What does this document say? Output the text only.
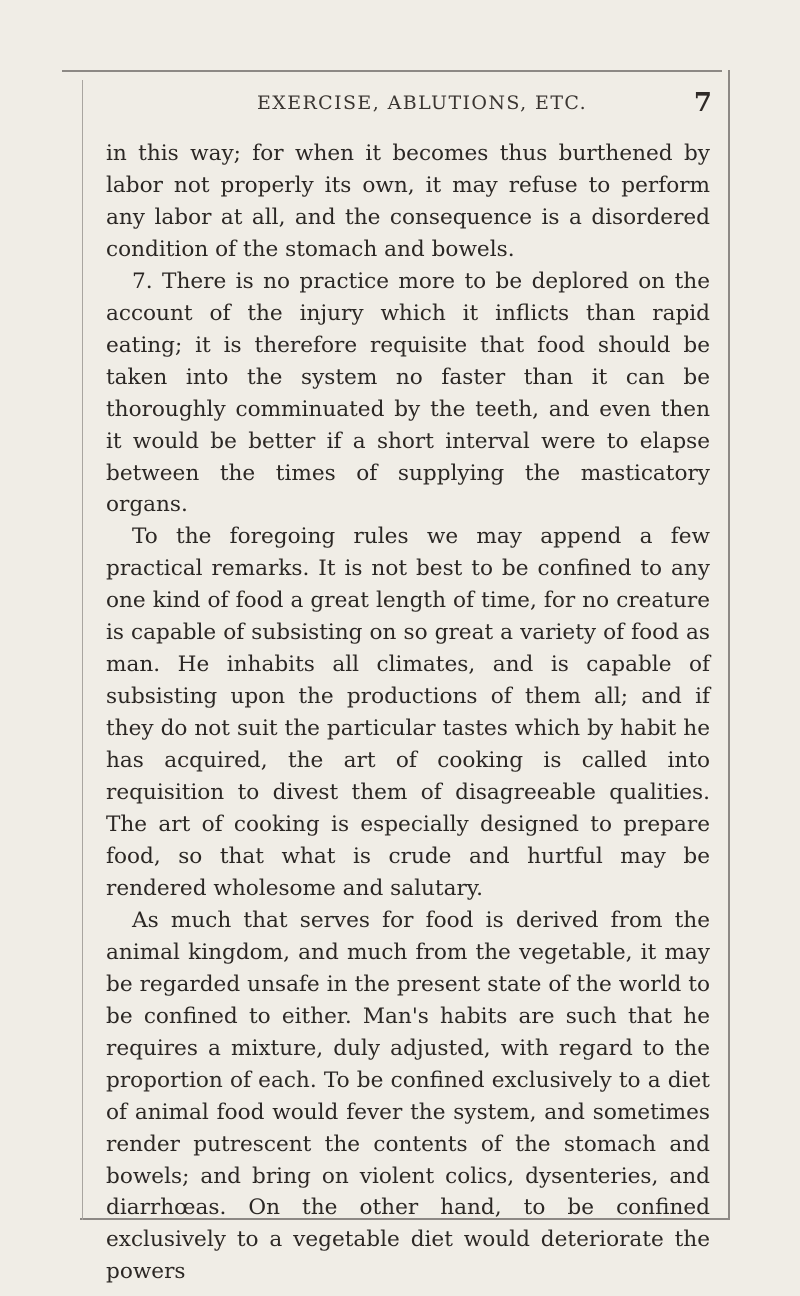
EXERCISE, ABLUTIONS, ETC.	7

in this way; for when it becomes thus burthened by labor not properly its own, it may refuse to perform any labor at all, and the consequence is a disordered condition of the stomach and bowels.

7. There is no practice more to be deplored on the account of the injury which it inflicts than rapid eating; it is therefore requisite that food should be taken into the system no faster than it can be thoroughly comminuated by the teeth, and even then it would be better if a short interval were to elapse between the times of supplying the masticatory organs.

To the foregoing rules we may append a few practical remarks. It is not best to be confined to any one kind of food a great length of time, for no creature is capable of subsisting on so great a variety of food as man. He inhabits all climates, and is capable of subsisting upon the productions of them all; and if they do not suit the particular tastes which by habit he has acquired, the art of cooking is called into requisition to divest them of disagreeable qualities. The art of cooking is especially designed to prepare food, so that what is crude and hurtful may be rendered wholesome and salutary.

As much that serves for food is derived from the animal kingdom, and much from the vegetable, it may be regarded unsafe in the present state of the world to be confined to either. Man's habits are such that he requires a mixture, duly adjusted, with regard to the proportion of each. To be confined exclusively to a diet of animal food would fever the system, and sometimes render putrescent the contents of the stomach and bowels; and bring on violent colics, dysenteries, and diarrhœas. On the other hand, to be confined exclusively to a vegetable diet would deteriorate the powers
